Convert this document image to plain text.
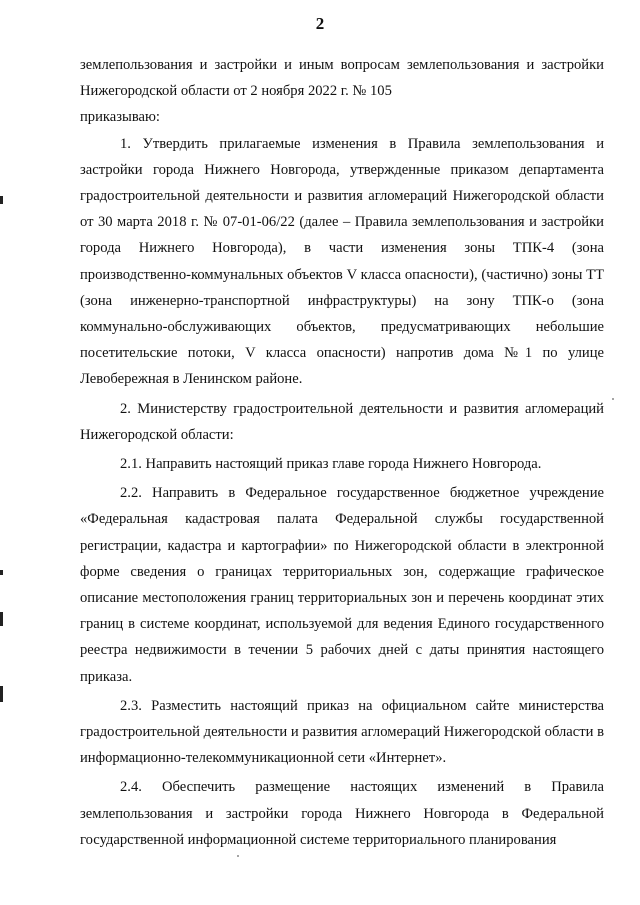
2

землепользования и застройки и иным вопросам землепользования и застройки Нижегородской области от 2 ноября 2022 г. № 105

приказываю:

1. Утвердить прилагаемые изменения в Правила землепользования и застройки города Нижнего Новгорода, утвержденные приказом департамента градостроительной деятельности и развития агломераций Нижегородской области от 30 марта 2018 г. № 07-01-06/22 (далее – Правила землепользования и застройки города Нижнего Новгорода), в части изменения зоны ТПК-4 (зона производственно-коммунальных объектов V класса опасности), (частично) зоны ТТ (зона инженерно-транспортной инфраструктуры) на зону ТПК-о (зона коммунально-обслуживающих объектов, предусматривающих небольшие посетительские потоки, V класса опасности) напротив дома №1 по улице Левобережная в Ленинском районе.

2. Министерству градостроительной деятельности и развития агломераций Нижегородской области:

2.1. Направить настоящий приказ главе города Нижнего Новгорода.

2.2. Направить в Федеральное государственное бюджетное учреждение «Федеральная кадастровая палата Федеральной службы государственной регистрации, кадастра и картографии» по Нижегородской области в электронной форме сведения о границах территориальных зон, содержащие графическое описание местоположения границ территориальных зон и перечень координат этих границ в системе координат, используемой для ведения Единого государственного реестра недвижимости в течении 5 рабочих дней с даты принятия настоящего приказа.

2.3. Разместить настоящий приказ на официальном сайте министерства градостроительной деятельности и развития агломераций Нижегородской области в информационно-телекоммуникационной сети «Интернет».

2.4. Обеспечить размещение настоящих изменений в Правила землепользования и застройки города Нижнего Новгорода в Федеральной государственной информационной системе территориального планирования
